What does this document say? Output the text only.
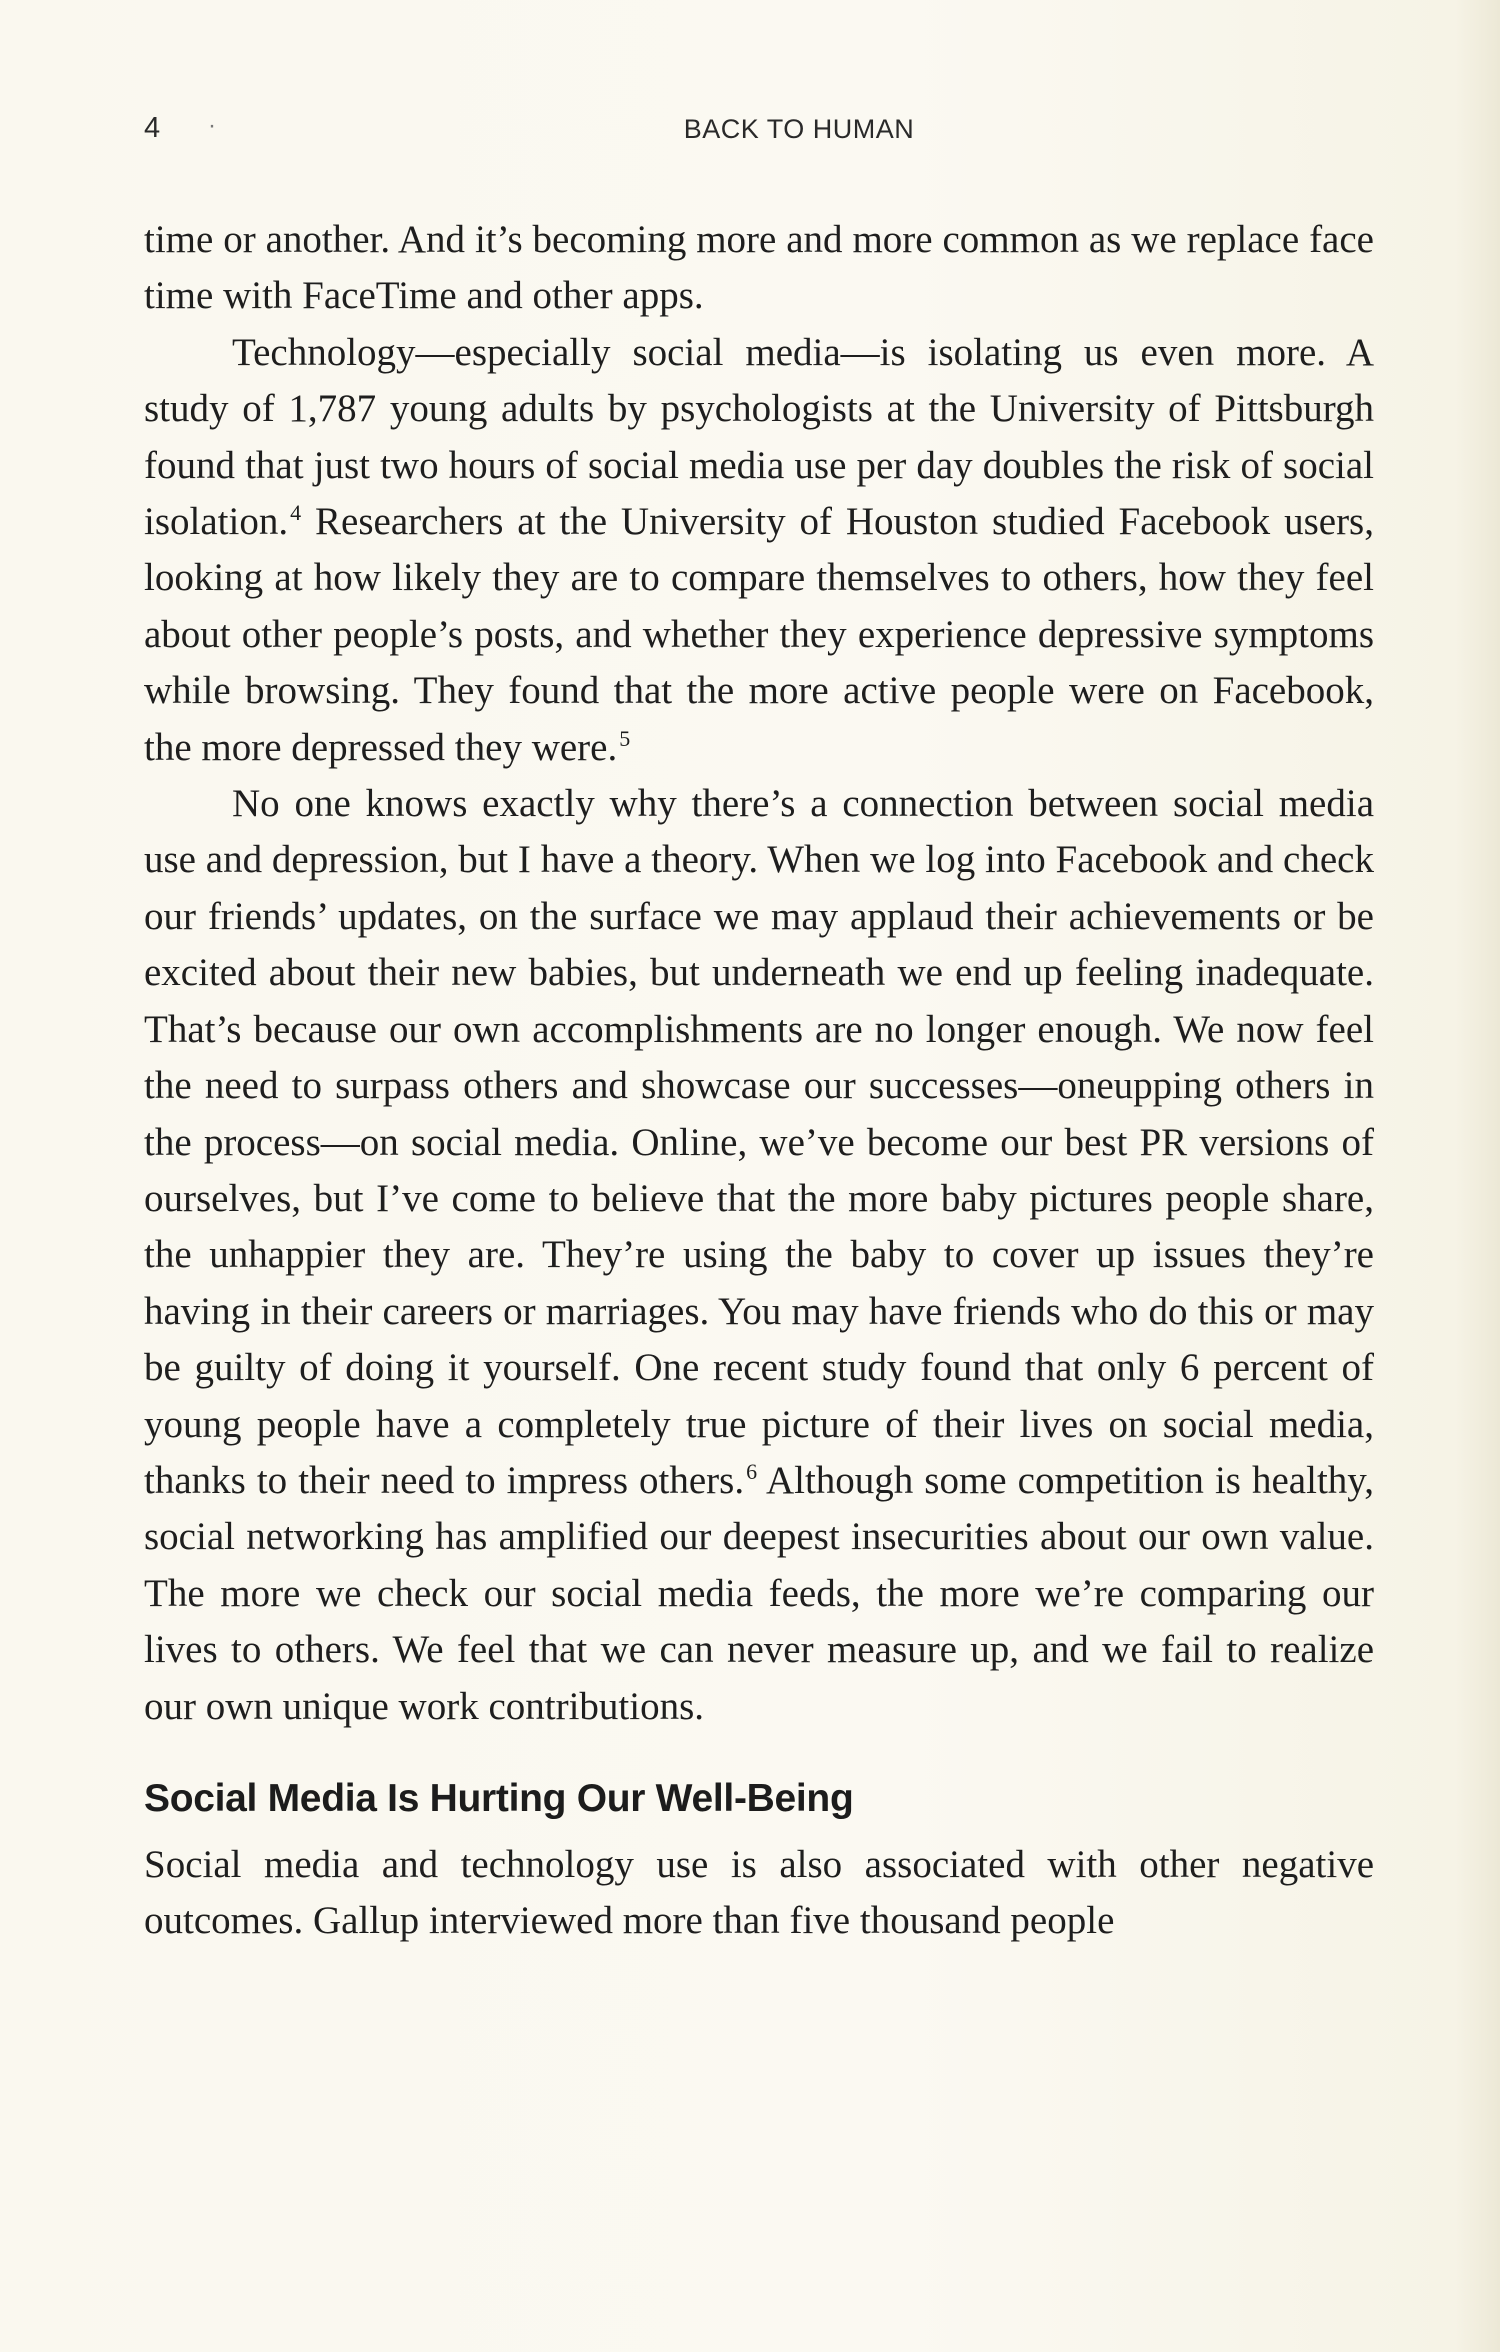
4 ·	BACK TO HUMAN

time or another. And it’s becoming more and more common as we replace face time with FaceTime and other apps.

Technology—especially social media—is isolating us even more. A study of 1,787 young adults by psychologists at the University of Pittsburgh found that just two hours of social media use per day doubles the risk of social isolation.$^4$ Researchers at the University of Houston studied Facebook users, looking at how likely they are to compare themselves to others, how they feel about other people’s posts, and whether they experience depressive symptoms while browsing. They found that the more active people were on Facebook, the more depressed they were.$^5$

No one knows exactly why there’s a connection between social media use and depression, but I have a theory. When we log into Facebook and check our friends’ updates, on the surface we may applaud their achievements or be excited about their new babies, but underneath we end up feeling inadequate. That’s because our own accomplishments are no longer enough. We now feel the need to surpass others and showcase our successes—oneupping others in the process—on social media. Online, we’ve become our best PR versions of ourselves, but I’ve come to believe that the more baby pictures people share, the unhappier they are. They’re using the baby to cover up issues they’re having in their careers or marriages. You may have friends who do this or may be guilty of doing it yourself. One recent study found that only 6 percent of young people have a completely true picture of their lives on social media, thanks to their need to impress others.$^6$ Although some competition is healthy, social networking has amplified our deepest insecurities about our own value. The more we check our social media feeds, the more we’re comparing our lives to others. We feel that we can never measure up, and we fail to realize our own unique work contributions.

Social Media Is Hurting Our Well-Being

Social media and technology use is also associated with other negative outcomes. Gallup interviewed more than five thousand people
